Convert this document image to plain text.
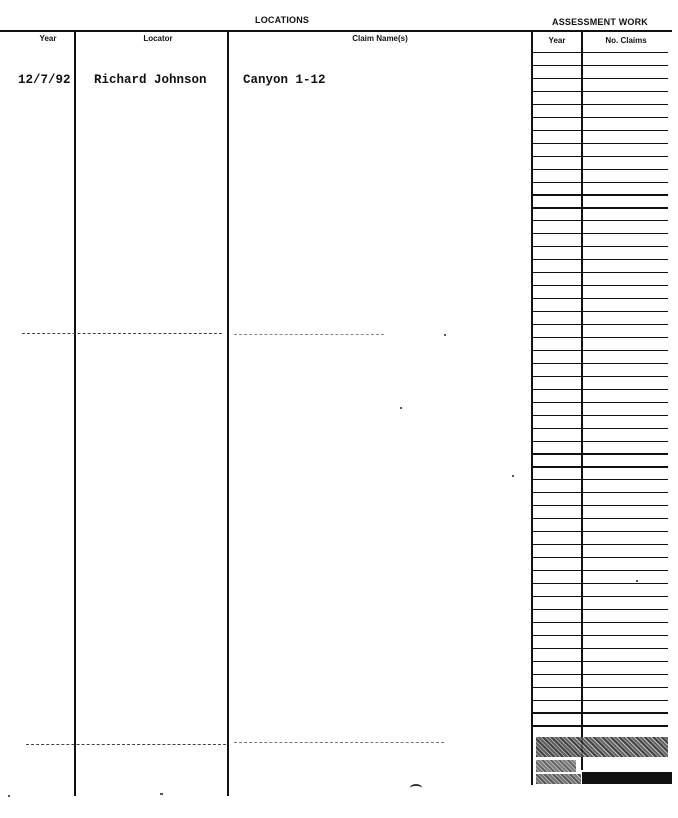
LOCATIONS	ASSESSMENT WORK
Year	Locator	Claim Name(s)	Year	No. Claims
12/7/92 Richard Johnson	Canyon 1-12
